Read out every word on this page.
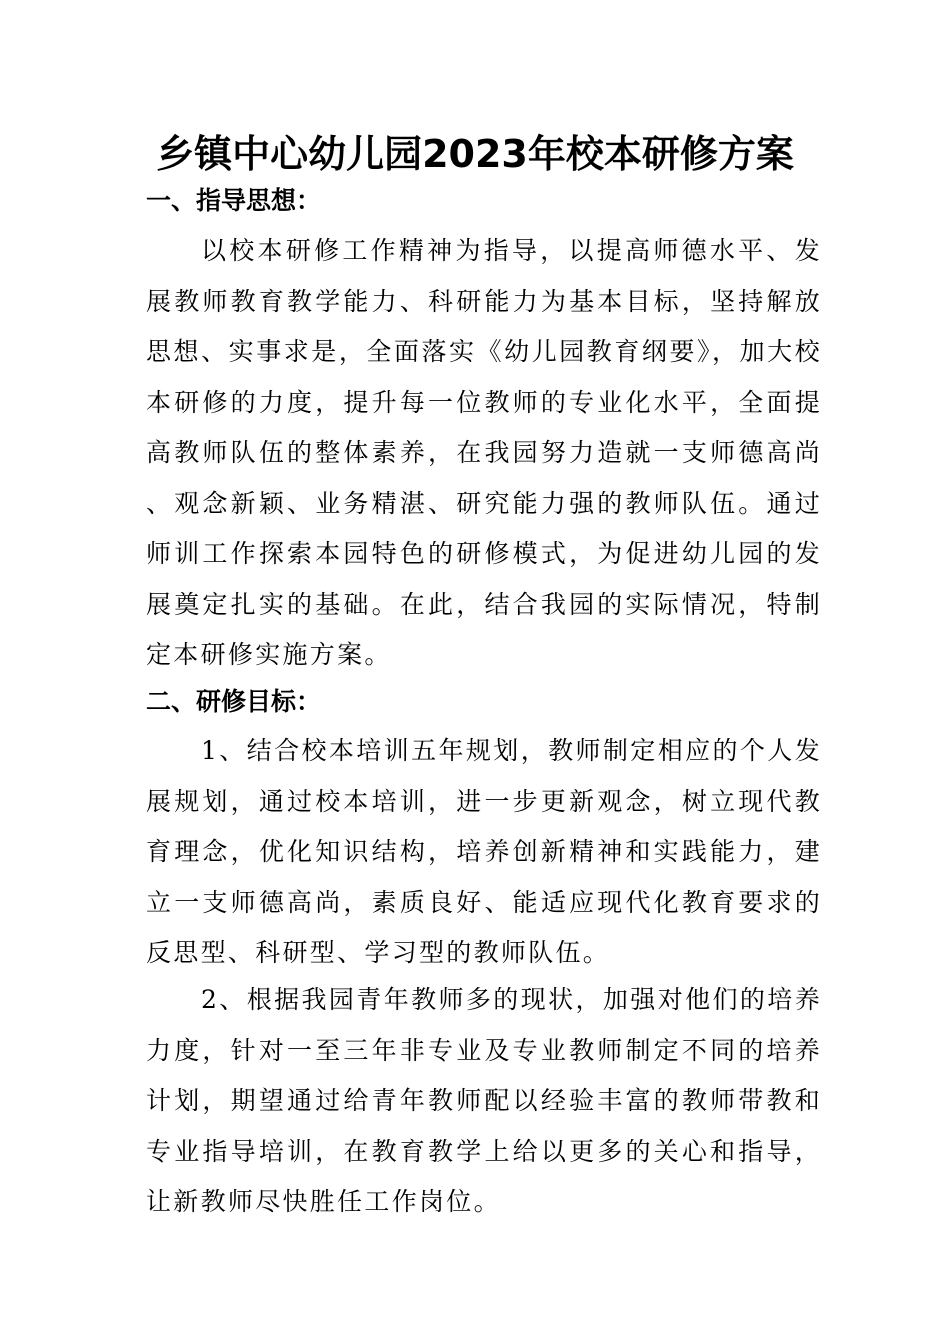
乡镇中心幼儿园2023年校本研修方案
一、指导思想：

以校本研修工作精神为指导，以提高师德水平、发展教师教育教学能力、科研能力为基本目标，坚持解放思想、实事求是，全面落实《幼儿园教育纲要》，加大校本研修的力度，提升每一位教师的专业化水平，全面提高教师队伍的整体素养，在我园努力造就一支师德高尚、观念新颖、业务精湛、研究能力强的教师队伍。通过师训工作探索本园特色的研修模式，为促进幼儿园的发展奠定扎实的基础。在此，结合我园的实际情况，特制定本研修实施方案。

二、研修目标：

1、结合校本培训五年规划，教师制定相应的个人发展规划，通过校本培训，进一步更新观念，树立现代教育理念，优化知识结构，培养创新精神和实践能力，建立一支师德高尚，素质良好、能适应现代化教育要求的反思型、科研型、学习型的教师队伍。

2、根据我园青年教师多的现状，加强对他们的培养力度，针对一至三年非专业及专业教师制定不同的培养计划，期望通过给青年教师配以经验丰富的教师带教和专业指导培训，在教育教学上给以更多的关心和指导，让新教师尽快胜任工作岗位。
